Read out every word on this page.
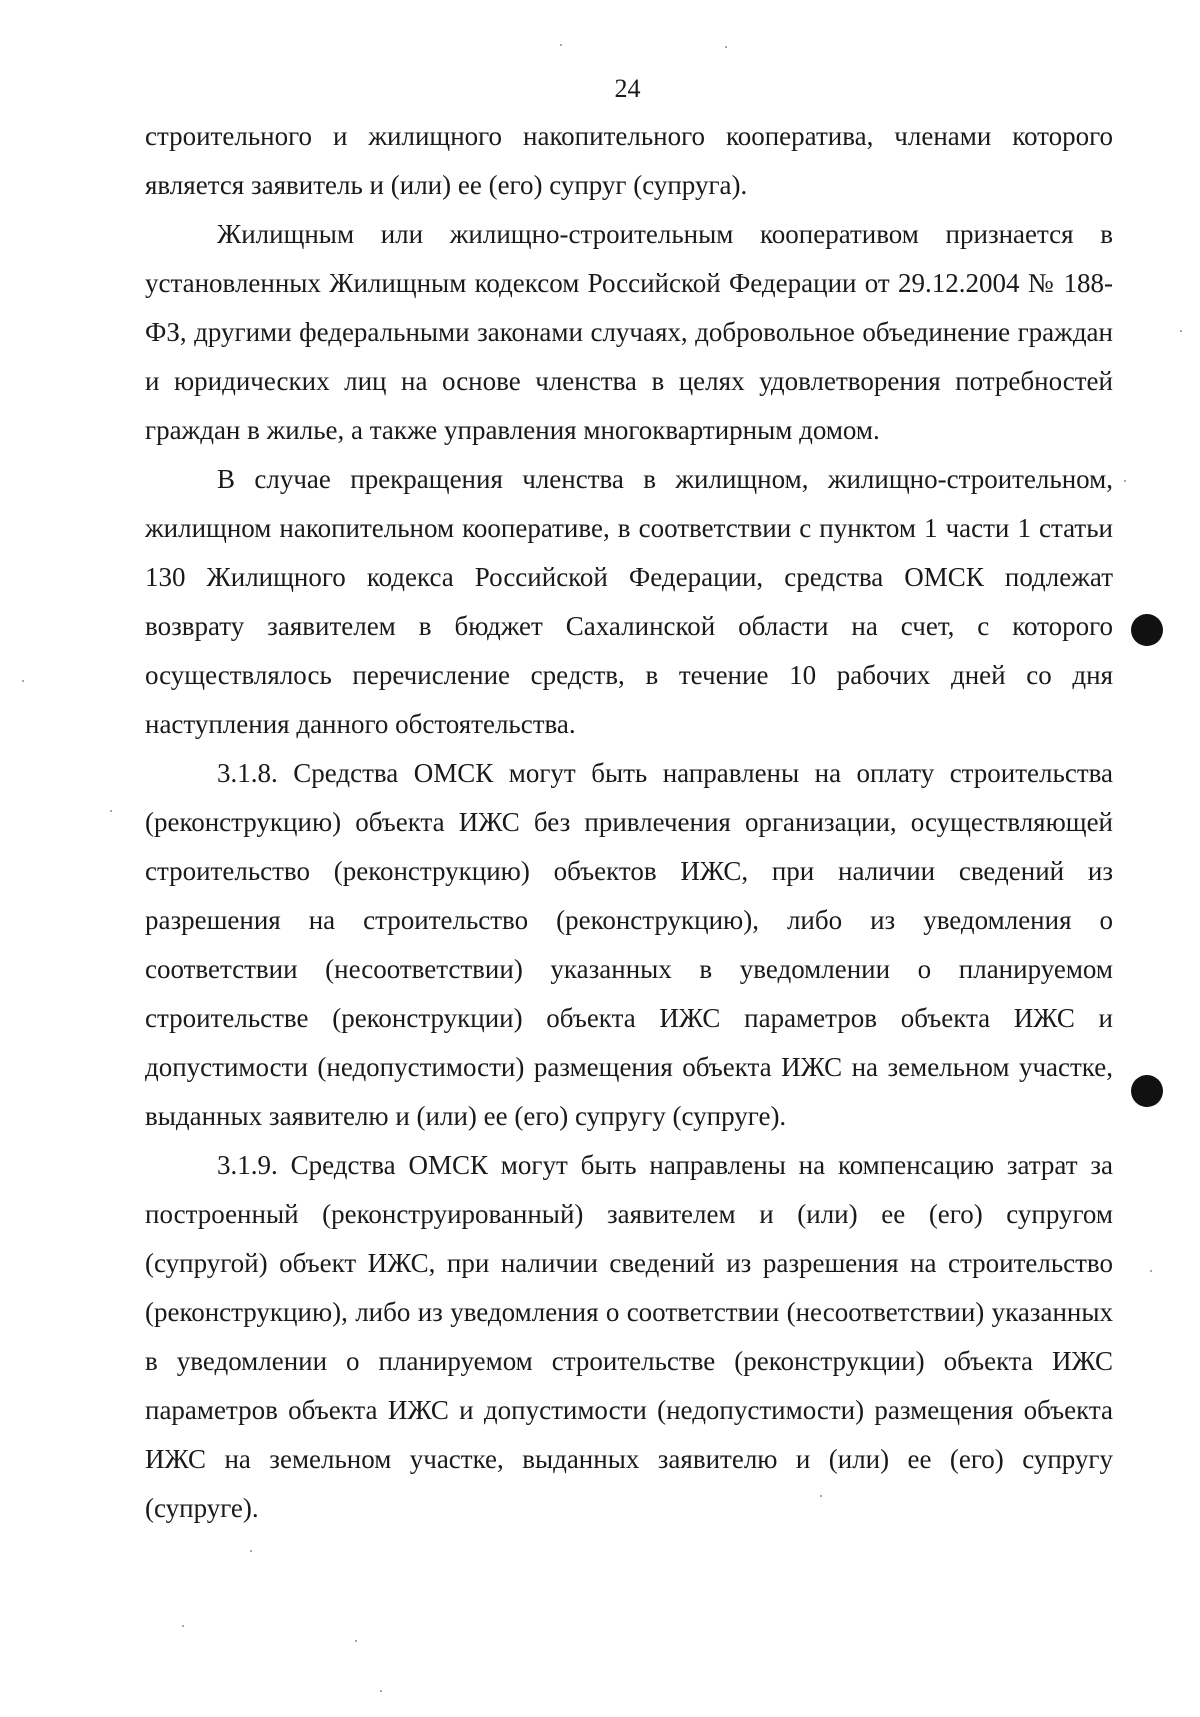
24

строительного и жилищного накопительного кооператива, членами которого является заявитель и (или) ее (его) супруг (супруга).

Жилищным или жилищно-строительным кооперативом признается в установленных Жилищным кодексом Российской Федерации от 29.12.2004 № 188-ФЗ, другими федеральными законами случаях, добровольное объединение граждан и юридических лиц на основе членства в целях удовлетворения потребностей граждан в жилье, а также управления многоквартирным домом.

В случае прекращения членства в жилищном, жилищно-строительном, жилищном накопительном кооперативе, в соответствии с пунктом 1 части 1 статьи 130 Жилищного кодекса Российской Федерации, средства ОМСК подлежат возврату заявителем в бюджет Сахалинской области на счет, с которого осуществлялось перечисление средств, в течение 10 рабочих дней со дня наступления данного обстоятельства.

3.1.8. Средства ОМСК могут быть направлены на оплату строительства (реконструкцию) объекта ИЖС без привлечения организации, осуществляющей строительство (реконструкцию) объектов ИЖС, при наличии сведений из разрешения на строительство (реконструкцию), либо из уведомления о соответствии (несоответствии) указанных в уведомлении о планируемом строительстве (реконструкции) объекта ИЖС параметров объекта ИЖС и допустимости (недопустимости) размещения объекта ИЖС на земельном участке, выданных заявителю и (или) ее (его) супругу (супруге).

3.1.9. Средства ОМСК могут быть направлены на компенсацию затрат за построенный (реконструированный) заявителем и (или) ее (его) супругом (супругой) объект ИЖС, при наличии сведений из разрешения на строительство (реконструкцию), либо из уведомления о соответствии (несоответствии) указанных в уведомлении о планируемом строительстве (реконструкции) объекта ИЖС параметров объекта ИЖС и допустимости (недопустимости) размещения объекта ИЖС на земельном участке, выданных заявителю и (или) ее (его) супругу (супруге).
